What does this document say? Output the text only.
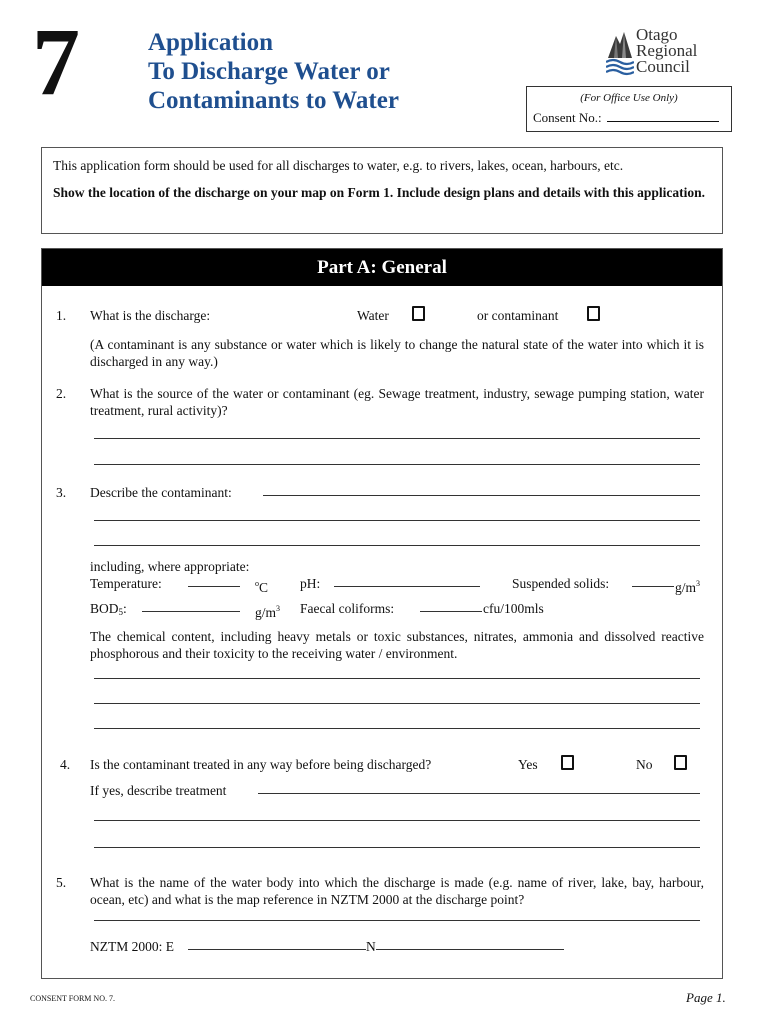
7	Application
To Discharge Water or
Contaminants to Water
Otago
Regional
Council
(For Office Use Only)
Consent No.:

This application form should be used for all discharges to water, e.g. to rivers, lakes, ocean, harbours, etc.

Show the location of the discharge on your map on Form 1. Include design plans and details with this application.

Part A: General
1. What is the discharge:	Water	or contaminant
(A contaminant is any substance or water which is likely to change the natural state of the water into which it is discharged in any way.)
2. What is the source of the water or contaminant (eg. Sewage treatment, industry, sewage pumping station, water treatment, rural activity)?
3. Describe the contaminant:
including, where appropriate:
Temperature:	$^o$C pH:	Suspended solids:	$g/m^3$
$BOD_5$:	$g/m^3$ Faecal coliforms:	cfu/100mls
The chemical content, including heavy metals or toxic substances, nitrates, ammonia and dissolved reactive phosphorous and their toxicity to the receiving water / environment.
4. Is the contaminant treated in any way before being discharged?	Yes	No
If yes, describe treatment
5. What is the name of the water body into which the discharge is made (e.g. name of river, lake, bay, harbour, ocean, etc) and what is the map reference in NZTM 2000 at the discharge point?
NZTM 2000: E	N
CONSENT FORM NO. 7.	Page 1.
